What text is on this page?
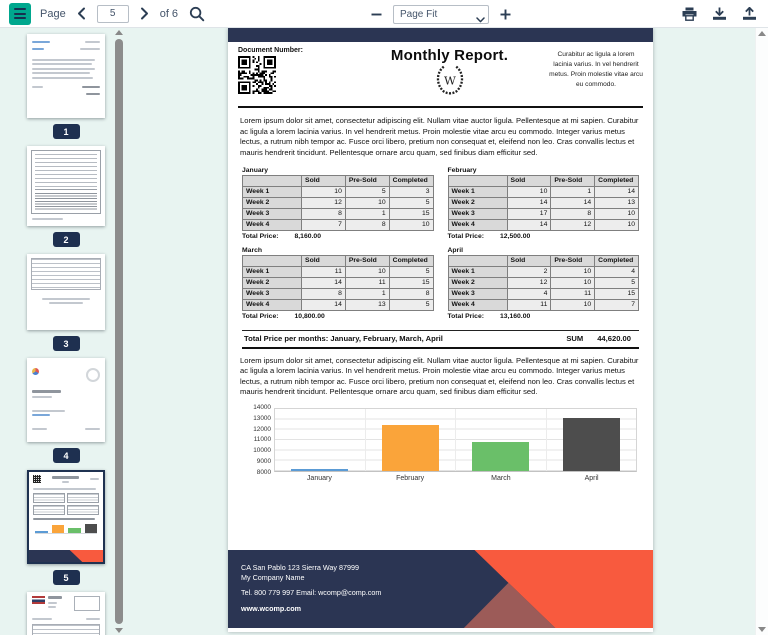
Page
5	of 6
Page Fit
1
2
3
4
5
Document Number:	Monthly Report.
W
Curabitur ac ligula a lorem lacinia varius. In vel hendrerit metus. Proin molestie vitae arcu eu commodo.

Lorem ipsum dolor sit amet, consectetur adipiscing elit. Nullam vitae auctor ligula. Pellentesque at mi sapien. Curabitur ac ligula a lorem lacinia varius. In vel hendrerit metus. Proin molestie vitae arcu eu commodo. Integer varius metus lectus, a rutrum nibh tempor ac. Fusce orci libero, pretium non consequat et, eleifend non leo. Cras convallis lectus et mauris hendrerit tincidunt. Pellentesque ornare arcu quam, sed finibus diam efficitur sed.

January
	Sold	Pre-Sold	Completed
Week 1	10	5	3
Week 2	12	10	5
Week 3	8	1	15
Week 4	7	8	10
Total Price: 8,160.00
February
	Sold	Pre-Sold	Completed
Week 1	10	1	14
Week 2	14	14	13
Week 3	17	8	10
Week 4	14	12	10
Total Price: 12,500.00
March
	Sold	Pre-Sold	Completed
Week 1	11	10	5
Week 2	14	11	15
Week 3	8	1	8
Week 4	14	13	5
Total Price: 10,800.00
April
	Sold	Pre-Sold	Completed
Week 1	2	10	4
Week 2	12	10	5
Week 3	4	11	15
Week 4	11	10	7
Total Price: 13,160.00
Total Price per months: January, February, March, April	SUM 44,620.00

Lorem ipsum dolor sit amet, consectetur adipiscing elit. Nullam vitae auctor ligula. Pellentesque at mi sapien. Curabitur ac ligula a lorem lacinia varius. In vel hendrerit metus. Proin molestie vitae arcu eu commodo. Integer varius metus lectus, a rutrum nibh tempor ac. Fusce orci libero, pretium non consequat et, eleifend non leo. Cras convallis lectus et mauris hendrerit tincidunt. Pellentesque ornare arcu quam, sed finibus diam efficitur sed.

14000
13000
12000
11000
10000
9000
8000
January	February	March	April
CA San Pablo 123 Sierra Way 87999
My Company Name
Tel. 800 779 997 Email: wcomp@comp.com
www.wcomp.com
